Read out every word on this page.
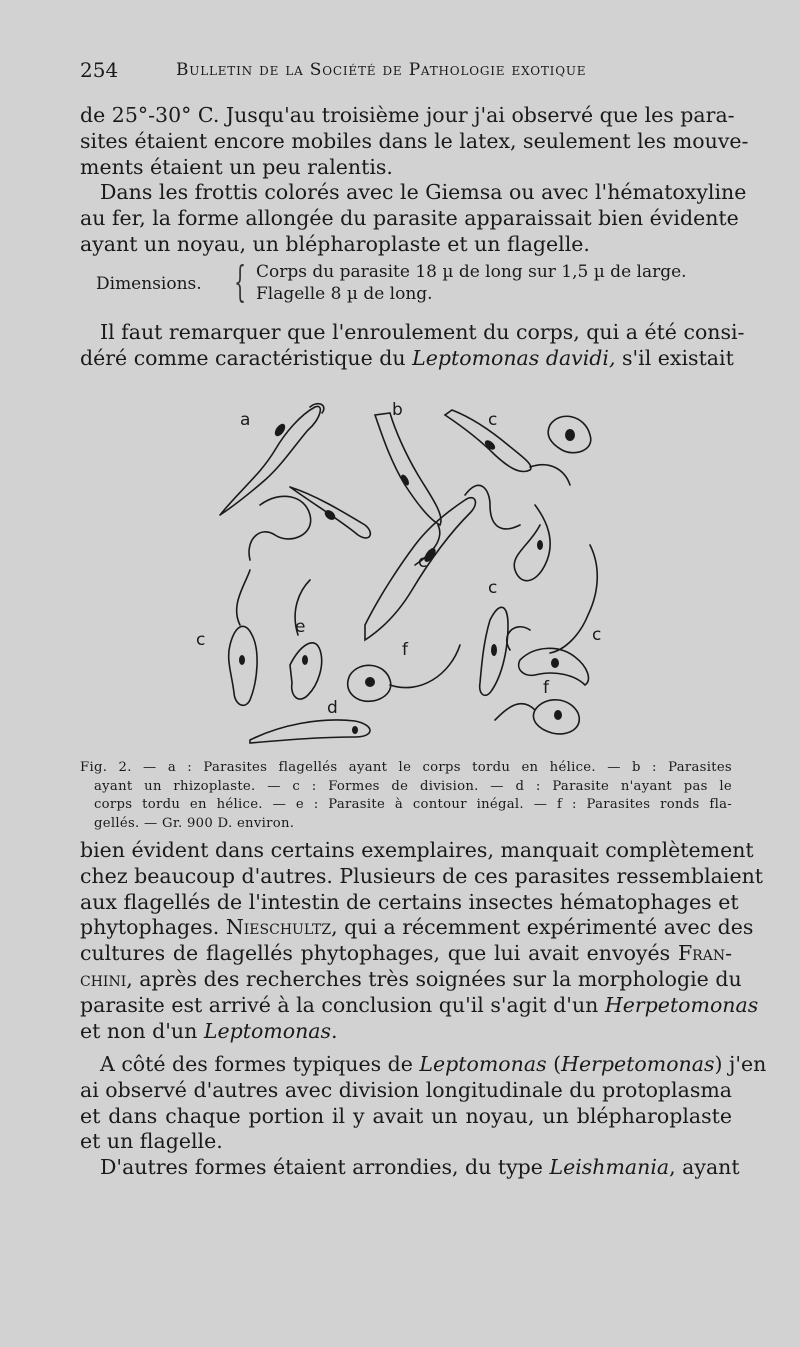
254	Bulletin de la Société de Pathologie exotique
de 25°-30° C. Jusqu'au troisième jour j'ai observé que les para-
sites étaient encore mobiles dans le latex, seulement les mouve-
ments étaient un peu ralentis.
Dans les frottis colorés avec le Giemsa ou avec l'hématoxyline
au fer, la forme allongée du parasite apparaissait bien évidente
ayant un noyau, un blépharoplaste et un flagelle.
Dimensions. { Corps du parasite 18 µ de long sur 1,5 µ de large.
Flagelle 8 µ de long.
Il faut remarquer que l'enroulement du corps, qui a été consi-
déré comme caractéristique du Leptomonas davidi, s'il existait
a	b	c
c
c
c	c
e
f
f
d
Fig. 2. — a : Parasites flagellés ayant le corps tordu en hélice. — b : Parasites
ayant un rhizoplaste. — c : Formes de division. — d : Parasite n'ayant pas le
corps tordu en hélice. — e : Parasite à contour inégal. — f : Parasites ronds fla-
gellés. — Gr. 900 D. environ.
bien évident dans certains exemplaires, manquait complètement
chez beaucoup d'autres. Plusieurs de ces parasites ressemblaient
aux flagellés de l'intestin de certains insectes hématophages et
phytophages. Nieschultz, qui a récemment expérimenté avec des
cultures de flagellés phytophages, que lui avait envoyés Fran-
chini, après des recherches très soignées sur la morphologie du
parasite est arrivé à la conclusion qu'il s'agit d'un Herpetomonas
et non d'un Leptomonas.
A côté des formes typiques de Leptomonas (Herpetomonas) j'en
ai observé d'autres avec division longitudinale du protoplasma
et dans chaque portion il y avait un noyau, un blépharoplaste
et un flagelle.
D'autres formes étaient arrondies, du type Leishmania, ayant
